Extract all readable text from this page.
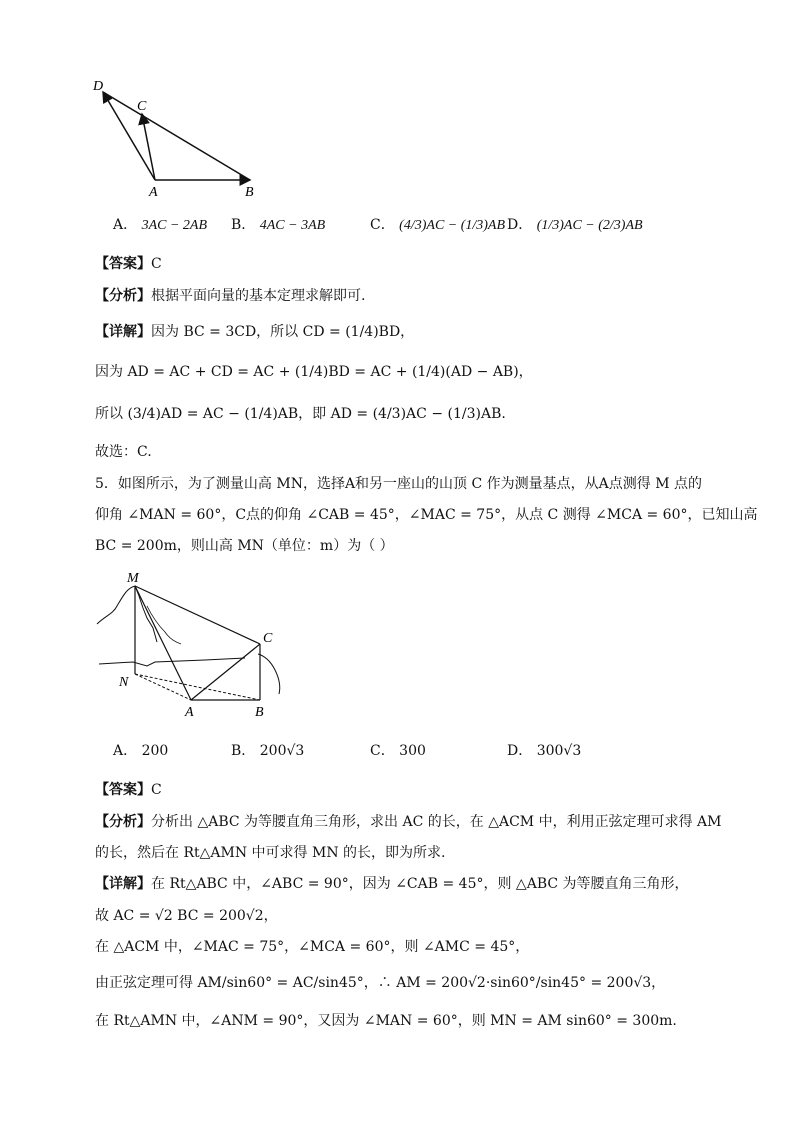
D
C
A	B
A． 3AC − 2AB B． 4AC − 3AB	C． (4/3)AC − (1/3)AB D． (1/3)AC − (2/3)AB
【答案】C
【分析】根据平面向量的基本定理求解即可.
【详解】因为 BC = 3CD，所以 CD = (1/4)BD，
因为 AD = AC + CD = AC + (1/4)BD = AC + (1/4)(AD − AB)，
所以 (3/4)AD = AC − (1/4)AB，即 AD = (4/3)AC − (1/3)AB.
故选：C.
5．如图所示，为了测量山高 MN，选择A和另一座山的山顶 C 作为测量基点，从A点测得 M 点的
仰角 ∠MAN = 60°，C点的仰角 ∠CAB = 45°，∠MAC = 75°，从点 C 测得 ∠MCA = 60°，已知山高
BC = 200m，则山高 MN（单位：m）为（ ）
M
C
N
A	B
A． 200	B． 200√3	C． 300	D． 300√3
【答案】C
【分析】分析出 △ABC 为等腰直角三角形，求出 AC 的长，在 △ACM 中，利用正弦定理可求得 AM
的长，然后在 Rt△AMN 中可求得 MN 的长，即为所求.
【详解】在 Rt△ABC 中，∠ABC = 90°，因为 ∠CAB = 45°，则 △ABC 为等腰直角三角形，
故 AC = √2 BC = 200√2，
在 △ACM 中，∠MAC = 75°，∠MCA = 60°，则 ∠AMC = 45°，
由正弦定理可得 AM/sin60° = AC/sin45°，∴ AM = 200√2·sin60°/sin45° = 200√3，
在 Rt△AMN 中，∠ANM = 90°，又因为 ∠MAN = 60°，则 MN = AM sin60° = 300m.
